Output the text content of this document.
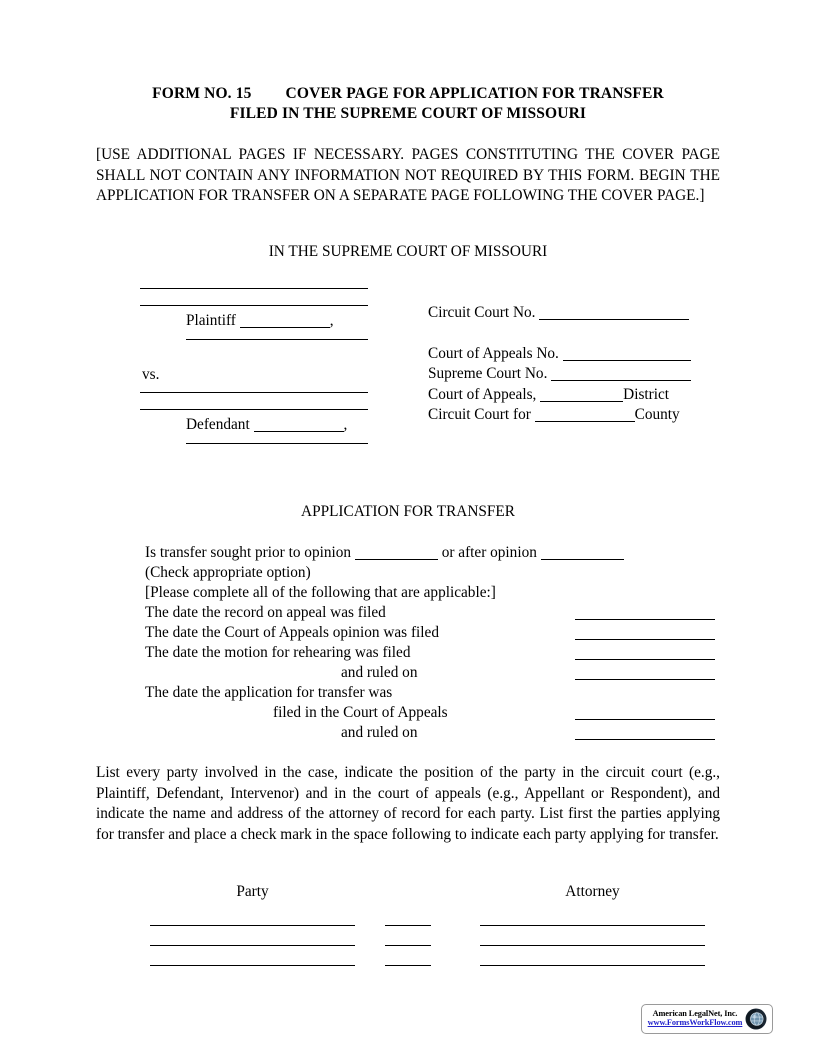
FORM NO. 15 COVER PAGE FOR APPLICATION FOR TRANSFER
FILED IN THE SUPREME COURT OF MISSOURI
[USE ADDITIONAL PAGES IF NECESSARY. PAGES CONSTITUTING THE COVER PAGE SHALL NOT CONTAIN ANY INFORMATION NOT REQUIRED BY THIS FORM. BEGIN THE APPLICATION FOR TRANSFER ON A SEPARATE PAGE FOLLOWING THE COVER PAGE.]
IN THE SUPREME COURT OF MISSOURI
Plaintiff	,
Defendant	,
vs.
Circuit Court No.
Court of Appeals No.
Supreme Court No.
Court of Appeals,	District
Circuit Court for	County
APPLICATION FOR TRANSFER
Is transfer sought prior to opinion	or after opinion
(Check appropriate option)
[Please complete all of the following that are applicable:]
The date the record on appeal was filed
The date the Court of Appeals opinion was filed
The date the motion for rehearing was filed
and ruled on
The date the application for transfer was
filed in the Court of Appeals
and ruled on
List every party involved in the case, indicate the position of the party in the circuit court (e.g., Plaintiff, Defendant, Intervenor) and in the court of appeals (e.g., Appellant or Respondent), and indicate the name and address of the attorney of record for each party. List first the parties applying for transfer and place a check mark in the space following to indicate each party applying for transfer.
Party	Attorney
American LegalNet, Inc.
www.FormsWorkFlow.com
